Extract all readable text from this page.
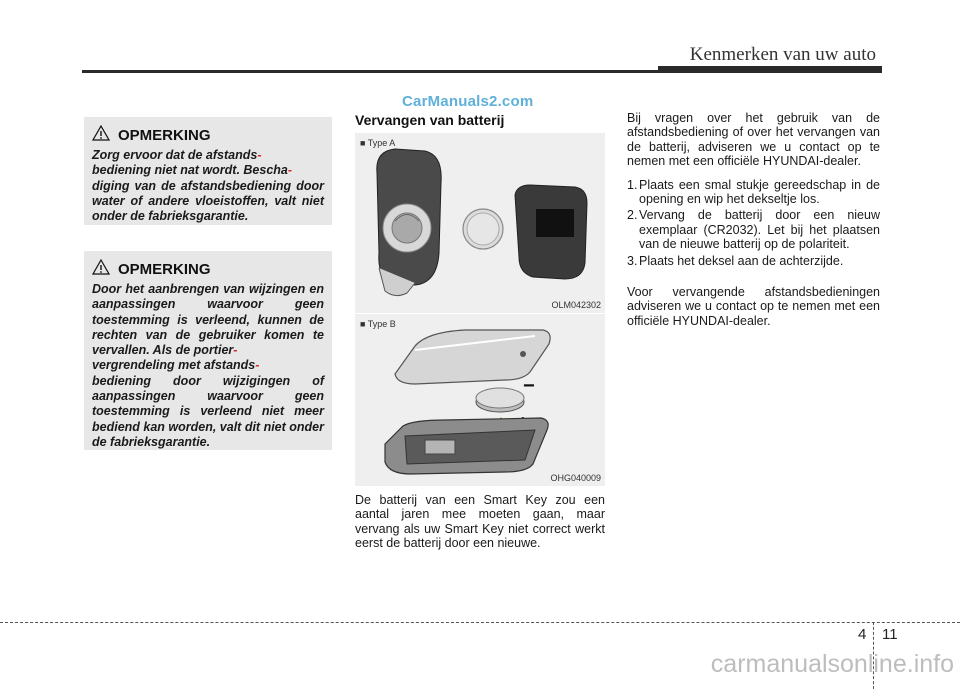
Kenmerken van uw auto
CarManuals2.com
OPMERKING
Zorg ervoor dat de afstands-
bediening niet nat wordt. Bescha-
diging van de afstandsbediening door water of andere vloeistoffen, valt niet onder de fabrieksgarantie.
OPMERKING
Door het aanbrengen van wijzingen en aanpassingen waarvoor geen toestemming is verleend, kunnen de rechten van de gebruiker komen te vervallen. Als de portier-
vergrendeling met afstands-
bediening door wijzigingen of aanpassingen waarvoor geen toestemming is verleend niet meer bediend kan worden, valt dit niet onder de fabrieksgarantie.
Vervangen van batterij
■ Type A
OLM042302
−
■ Type B
OHG040009
De batterij van een Smart Key zou een aantal jaren mee moeten gaan, maar vervang als uw Smart Key niet correct werkt eerst de batterij door een nieuwe.

Bij vragen over het gebruik van de afstandsbediening of over het vervangen van de batterij, adviseren we u contact op te nemen met een officiële HYUNDAI-dealer.

1. Plaats een smal stukje gereedschap in de opening en wip het dekseltje los.
2. Vervang de batterij door een nieuw exemplaar (CR2032). Let bij het plaatsen van de nieuwe batterij op de polariteit.
3. Plaats het deksel aan de achterzijde.

Voor vervangende afstandsbedieningen adviseren we u contact op te nemen met een officiële HYUNDAI-dealer.

4 11
carmanualsonline.info
